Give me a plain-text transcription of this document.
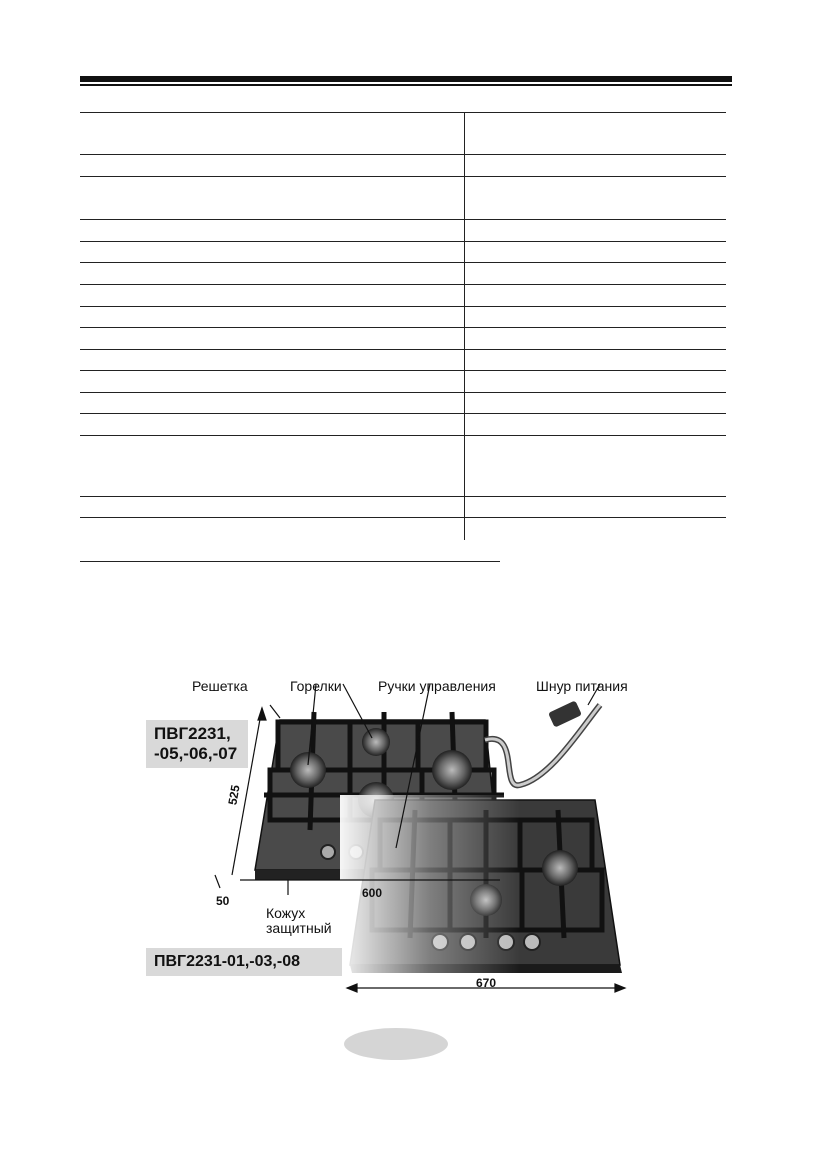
Решетка	Горелки	Ручки управления	Шнур питания
Кожух защитный
ПВГ2231, -05,-06,-07
ПВГ2231-01,-03,-08
525
600
50
670
